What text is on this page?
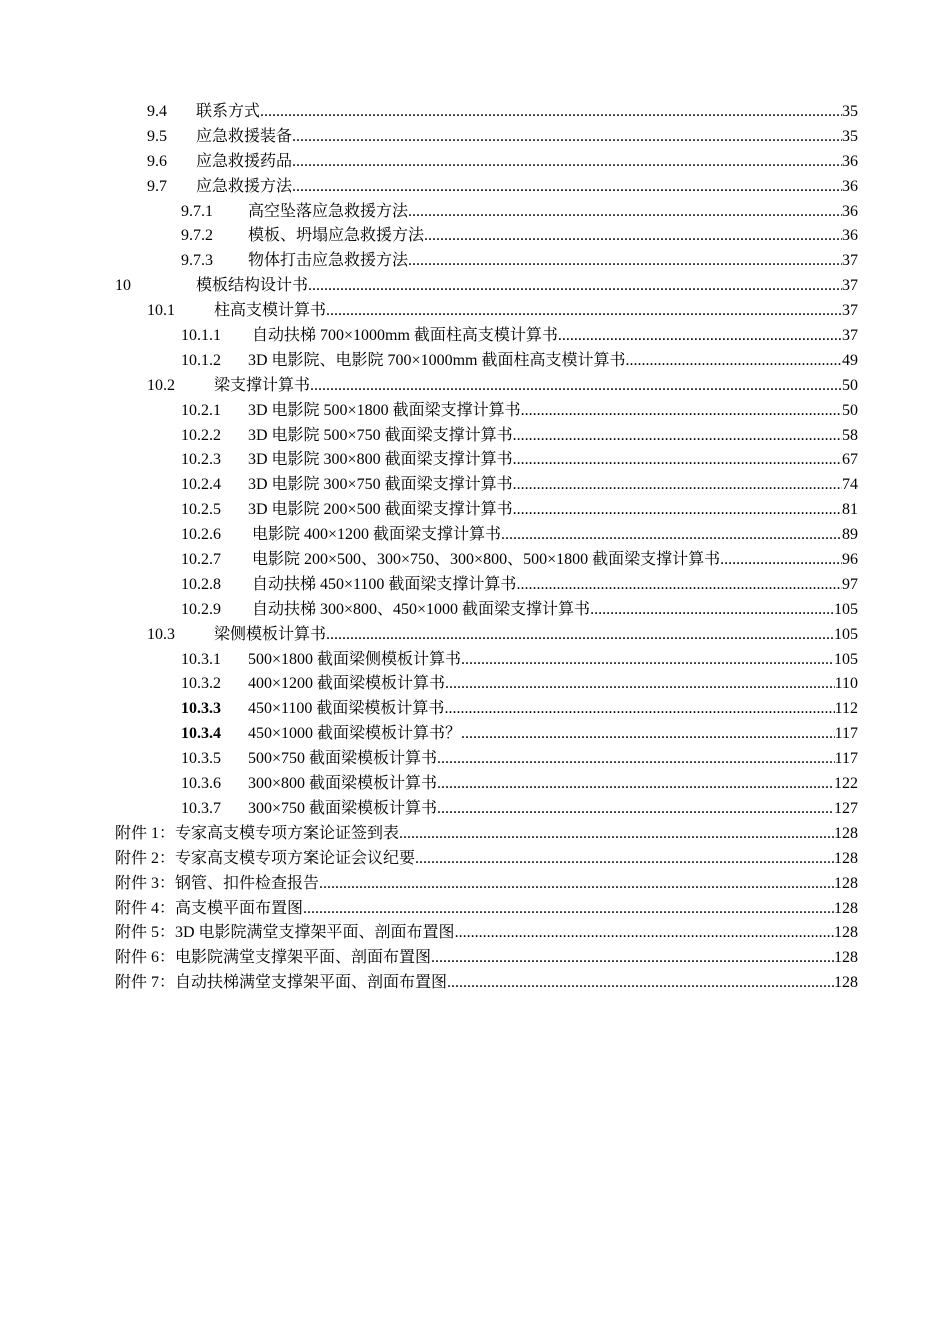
9.4 联系方式 .....	35
9.5 应急救援装备 .....	35
9.6 应急救援药品 .....	36
9.7 应急救援方法 .....	36
9.7.1 高空坠落应急救援方法 .....	36
9.7.2 模板、坍塌应急救援方法 .....	36
9.7.3 物体打击应急救援方法 .....	37
10	模板结构设计书 .....	37
10.1 柱高支模计算书 .....	37
10.1.1 自动扶梯 700×1000mm 截面柱高支模计算书 .....	37
10.1.2 3D 电影院、电影院 700×1000mm 截面柱高支模计算书 .....	49
10.2 梁支撑计算书 .....	50
10.2.1 3D 电影院 500×1800 截面梁支撑计算书 .....	50
10.2.2 3D 电影院 500×750 截面梁支撑计算书 .....	58
10.2.3 3D 电影院 300×800 截面梁支撑计算书 .....	67
10.2.4 3D 电影院 300×750 截面梁支撑计算书 .....	74
10.2.5 3D 电影院 200×500 截面梁支撑计算书 .....	81
10.2.6 电影院 400×1200 截面梁支撑计算书 .....	89
10.2.7 电影院 200×500、300×750、300×800、500×1800 截面梁支撑计算书 .....	96
10.2.8 自动扶梯 450×1100 截面梁支撑计算书 .....	97
10.2.9 自动扶梯 300×800、450×1000 截面梁支撑计算书 .....	105
10.3 梁侧模板计算书 .....	105
10.3.1 500×1800 截面梁侧模板计算书 .....	105
10.3.2 400×1200 截面梁模板计算书 .....	110
10.3.3 450×1100 截面梁模板计算书 .....	112
10.3.4 450×1000 截面梁模板计算书？ .....	117
10.3.5 500×750 截面梁模板计算书 .....	117
10.3.6 300×800 截面梁模板计算书 .....	122
10.3.7 300×750 截面梁模板计算书 .....	127
附件 1：专家高支模专项方案论证签到表 .....	128
附件 2：专家高支模专项方案论证会议纪要 .....	128
附件 3：钢管、扣件检查报告 .....	128
附件 4：高支模平面布置图 .....	128
附件 5：3D 电影院满堂支撑架平面、剖面布置图 .....	128
附件 6：电影院满堂支撑架平面、剖面布置图 .....	128
附件 7：自动扶梯满堂支撑架平面、剖面布置图 .....	128
